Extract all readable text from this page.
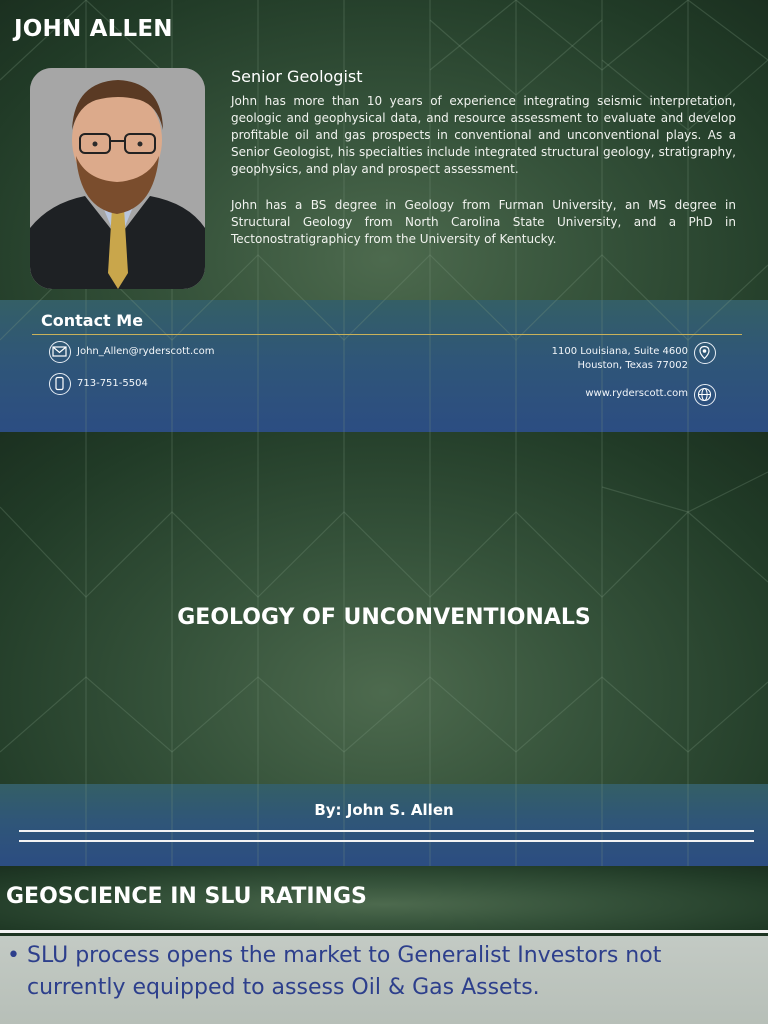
JOHN ALLEN
Senior Geologist
John has more than 10 years of experience integrating seismic interpretation, geologic and geophysical data, and resource assessment to evaluate and develop profitable oil and gas prospects in conventional and unconventional plays. As a Senior Geologist, his specialties include integrated structural geology, stratigraphy, geophysics, and play and prospect assessment.
John has a BS degree in Geology from Furman University, an MS degree in Structural Geology from North Carolina State University, and a PhD in Tectonostratigraphicy from the University of Kentucky.
Contact Me
John_Allen@ryderscott.com
713-751-5504
1100 Louisiana, Suite 4600
Houston, Texas 77002
www.ryderscott.com
GEOLOGY OF UNCONVENTIONALS
By: John S. Allen
GEOSCIENCE IN SLU RATINGS
• SLU process opens the market to Generalist Investors not currently equipped to assess Oil & Gas Assets.
